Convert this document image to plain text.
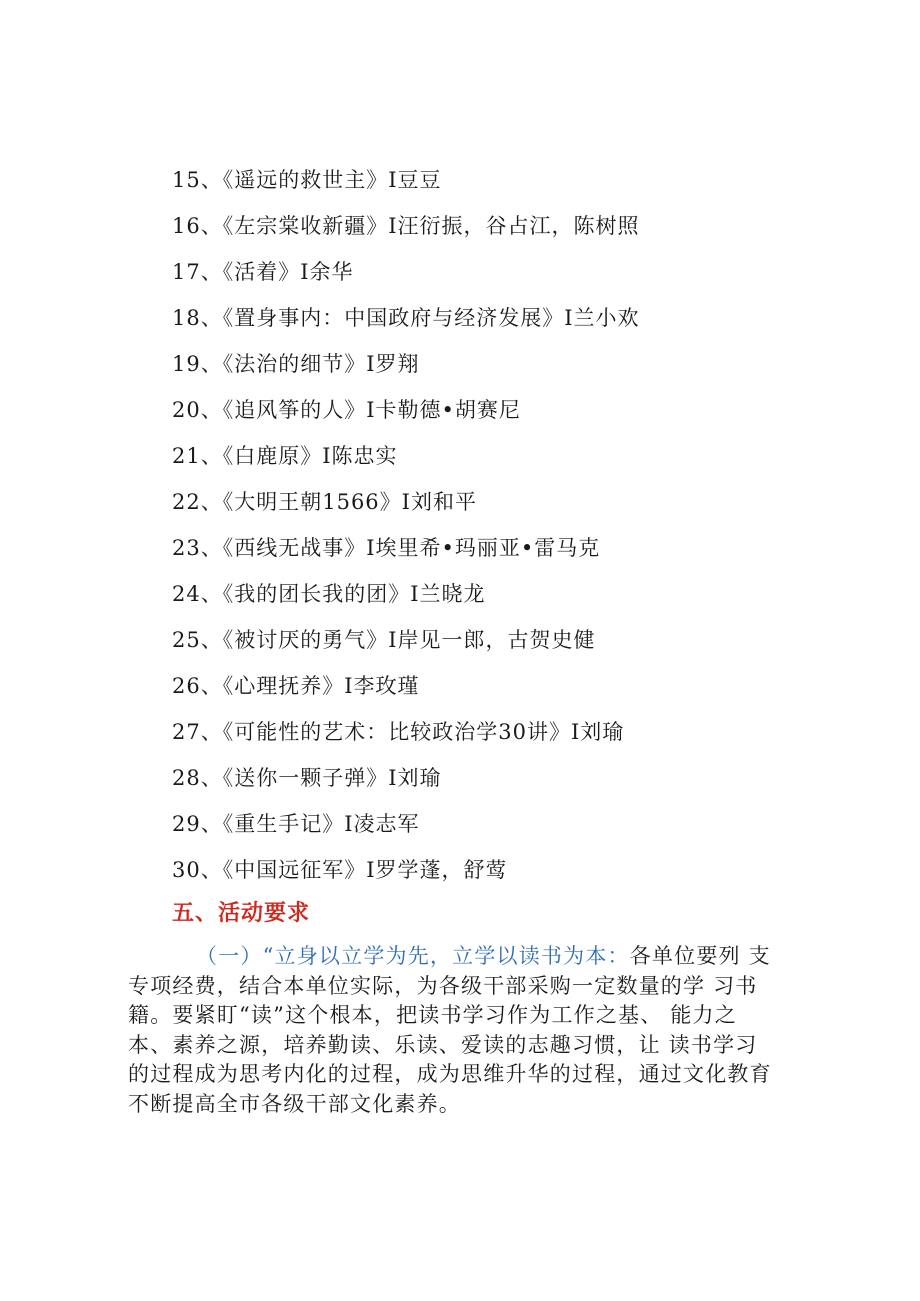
15、《遥远的救世主》I豆豆
16、《左宗棠收新疆》I汪衍振，谷占江，陈树照
17、《活着》I余华
18、《置身事内：中国政府与经济发展》I兰小欢
19、《法治的细节》I罗翔
20、《追风筝的人》I卡勒德•胡赛尼
21、《白鹿原》I陈忠实
22、《大明王朝1566》I刘和平
23、《西线无战事》I埃里希•玛丽亚•雷马克
24、《我的团长我的团》I兰晓龙
25、《被讨厌的勇气》I岸见一郎，古贺史健
26、《心理抚养》I李玫瑾
27、《可能性的艺术：比较政治学30讲》I刘瑜
28、《送你一颗子弹》I刘瑜
29、《重生手记》I凌志军
30、《中国远征军》I罗学蓬，舒莺
五、活动要求

（一）“立身以立学为先，立学以读书为本：各单位要列 支
专项经费，结合本单位实际，为各级干部采购一定数量的学 习书
籍。要紧盯“读”这个根本，把读书学习作为工作之基、 能力之
本、素养之源，培养勤读、乐读、爱读的志趣习惯，让 读书学习
的过程成为思考内化的过程，成为思维升华的过程，通过文化教育
不断提高全市各级干部文化素养。
